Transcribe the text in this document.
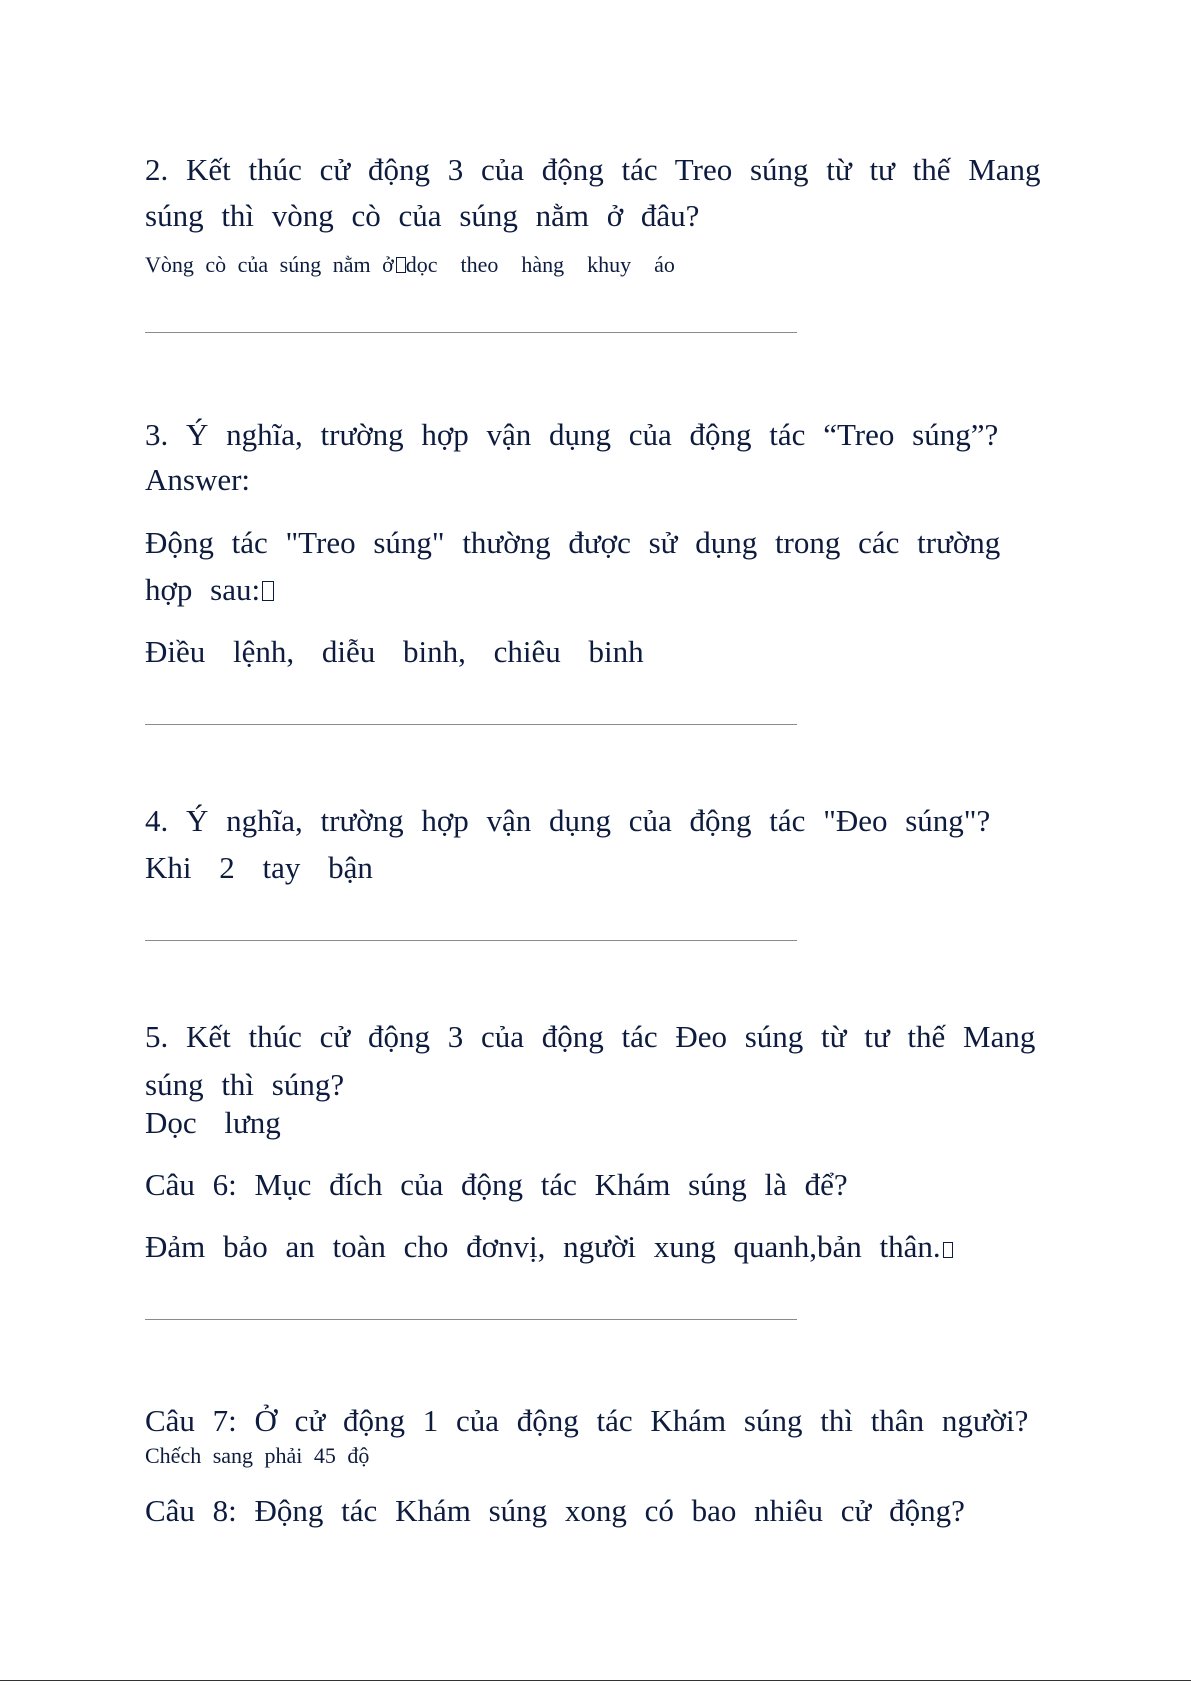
2. Kết thúc cử động 3 của động tác Treo súng từ tư thế Mang
súng thì vòng cò của súng nằm ở đâu?
Vòng cò của súng nằm ở dọc  theo  hàng  khuy  áo
3. Ý nghĩa, trường hợp vận dụng của động tác “Treo súng”?
Answer:
Động tác "Treo súng" thường được sử dụng trong các trường
hợp sau:
Điều lệnh, diễu binh, chiêu binh
4. Ý nghĩa, trường hợp vận dụng của động tác "Đeo súng"?
Khi 2 tay bận
5. Kết thúc cử động 3 của động tác Đeo súng từ tư thế Mang
súng thì súng?
Dọc lưng
Câu 6: Mục đích của động tác Khám súng là để?
Đảm bảo an toàn cho đơnvị, người xung quanh,bản thân.
Câu 7: Ở cử động 1 của động tác Khám súng thì thân người?
Chếch sang phải 45 độ
Câu 8: Động tác Khám súng xong có bao nhiêu cử động?
